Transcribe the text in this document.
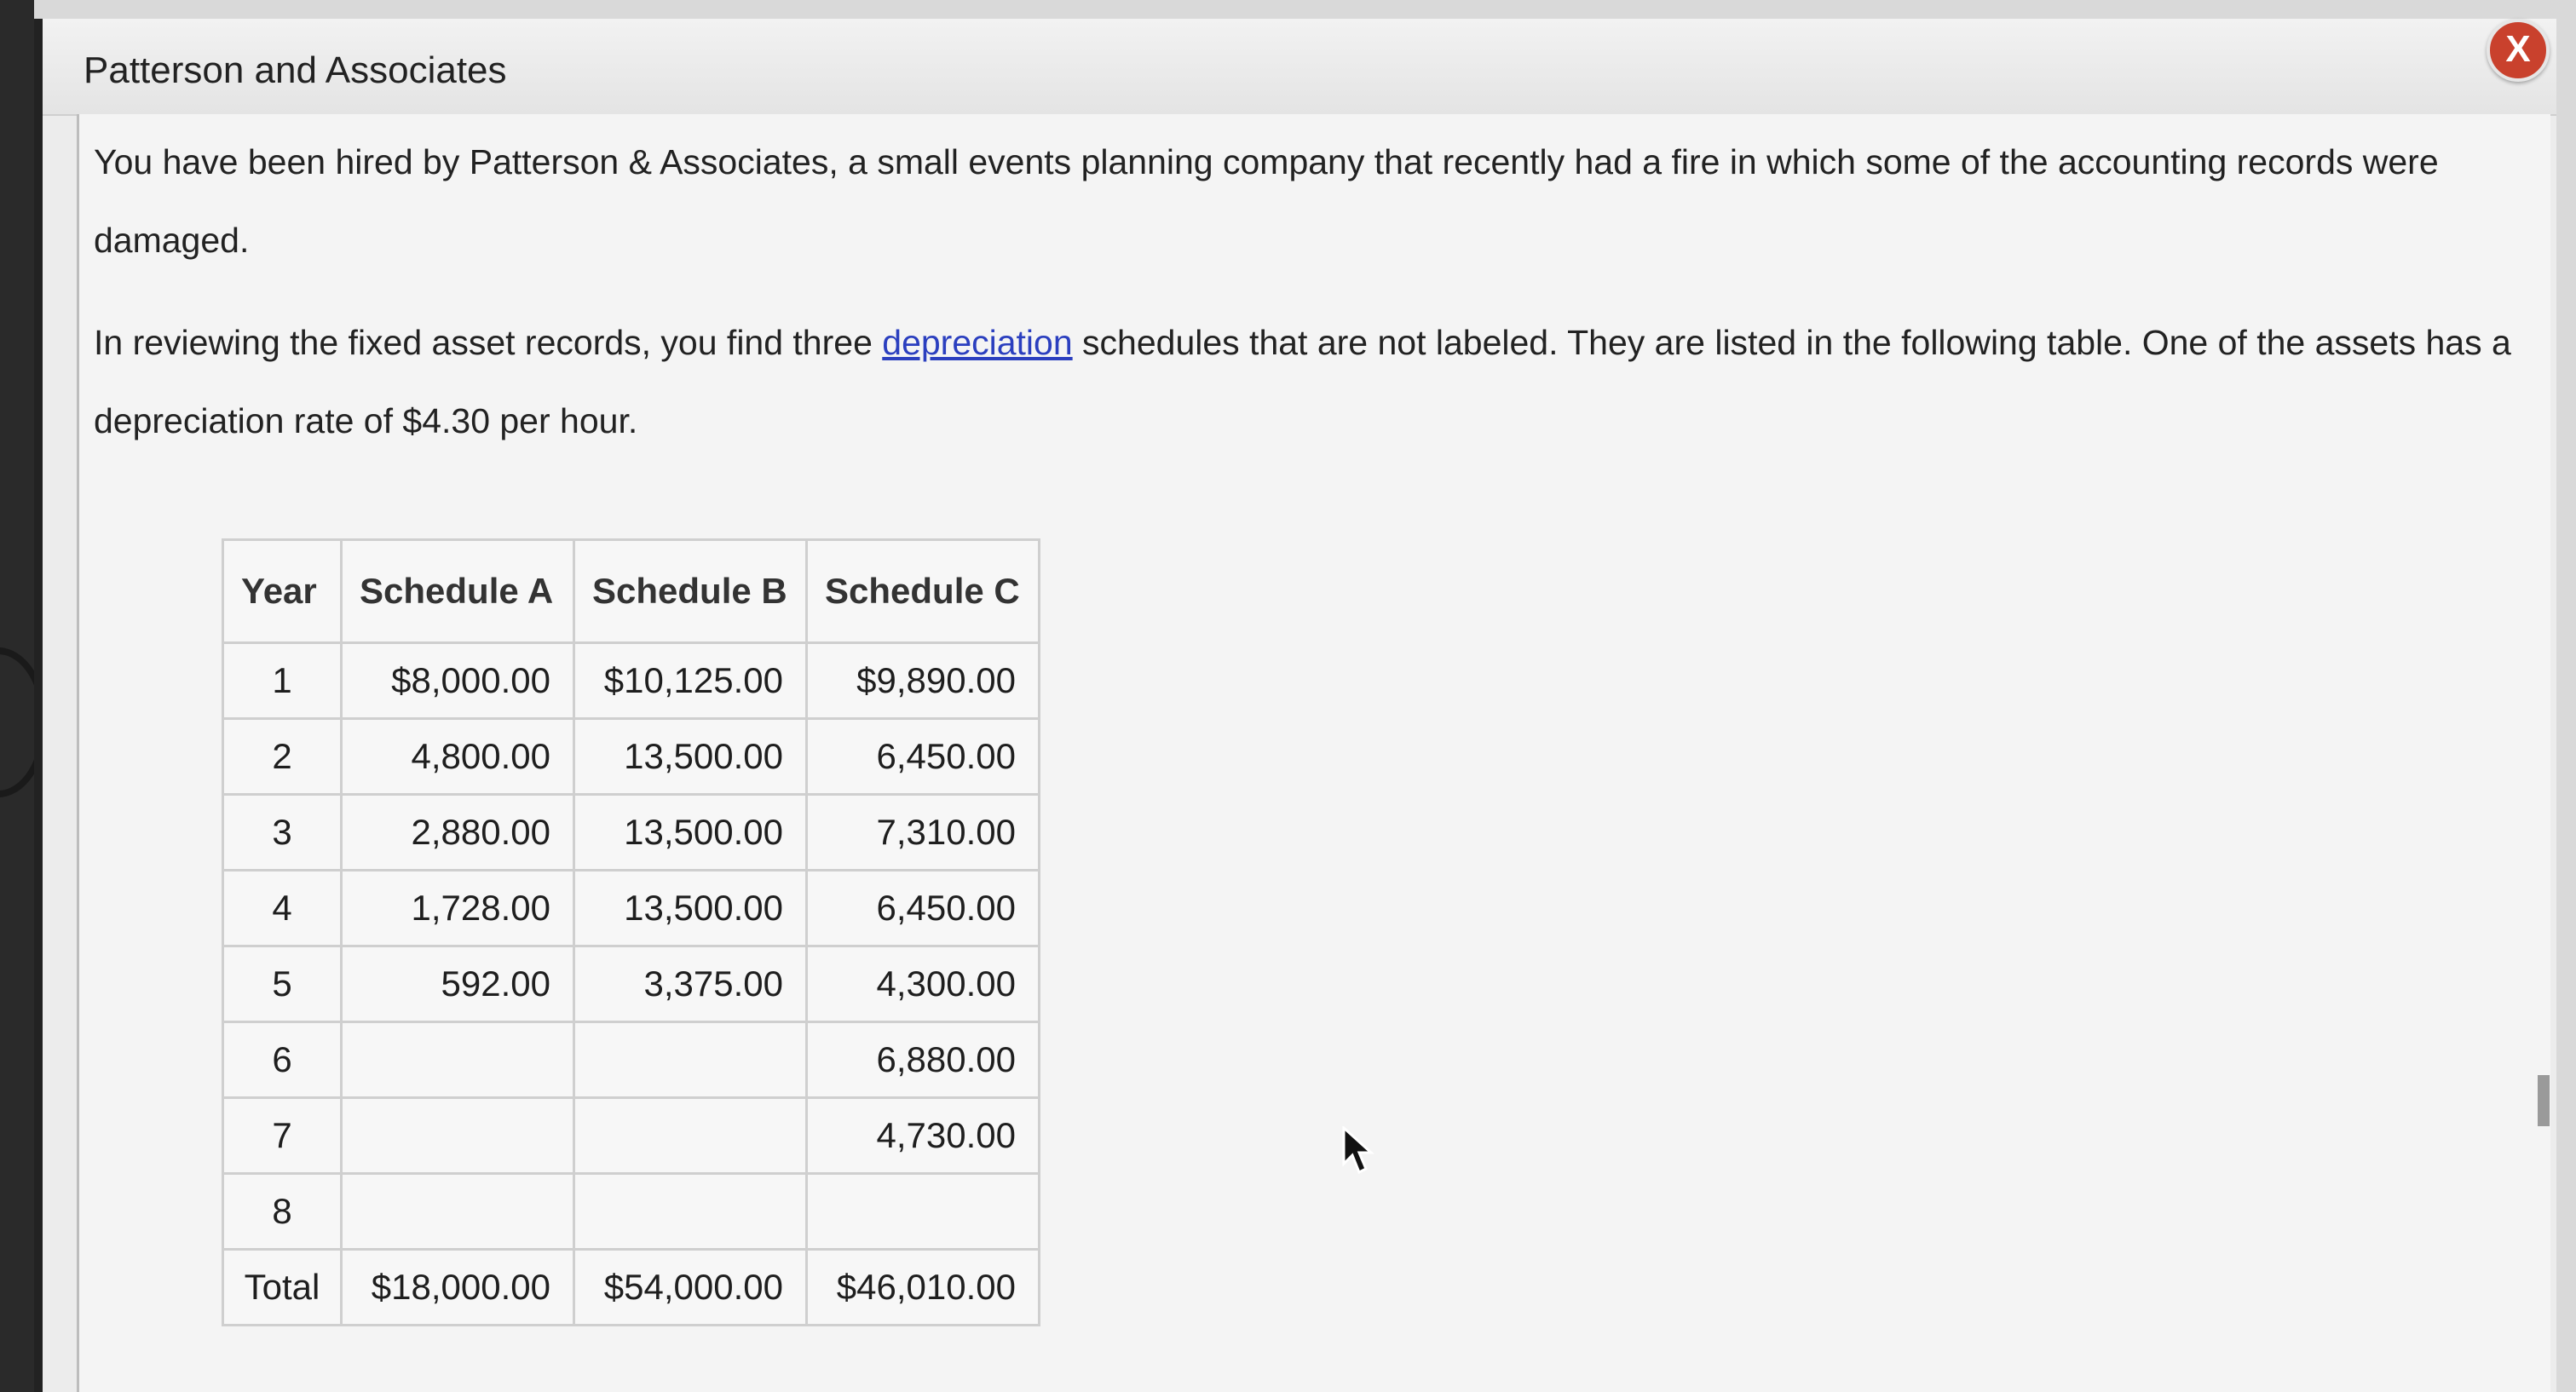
Patterson and Associates
X

You have been hired by Patterson & Associates, a small events planning company that recently had a fire in which some of the accounting records were damaged.

In reviewing the fixed asset records, you find three depreciation schedules that are not labeled. They are listed in the following table. One of the assets has a depreciation rate of $4.30 per hour.

Year	Schedule A	Schedule B	Schedule C
1	$8,000.00	$10,125.00	$9,890.00
2	4,800.00	13,500.00	6,450.00
3	2,880.00	13,500.00	7,310.00
4	1,728.00	13,500.00	6,450.00
5	592.00	3,375.00	4,300.00
6			6,880.00
7			4,730.00
8			
Total	$18,000.00	$54,000.00	$46,010.00
